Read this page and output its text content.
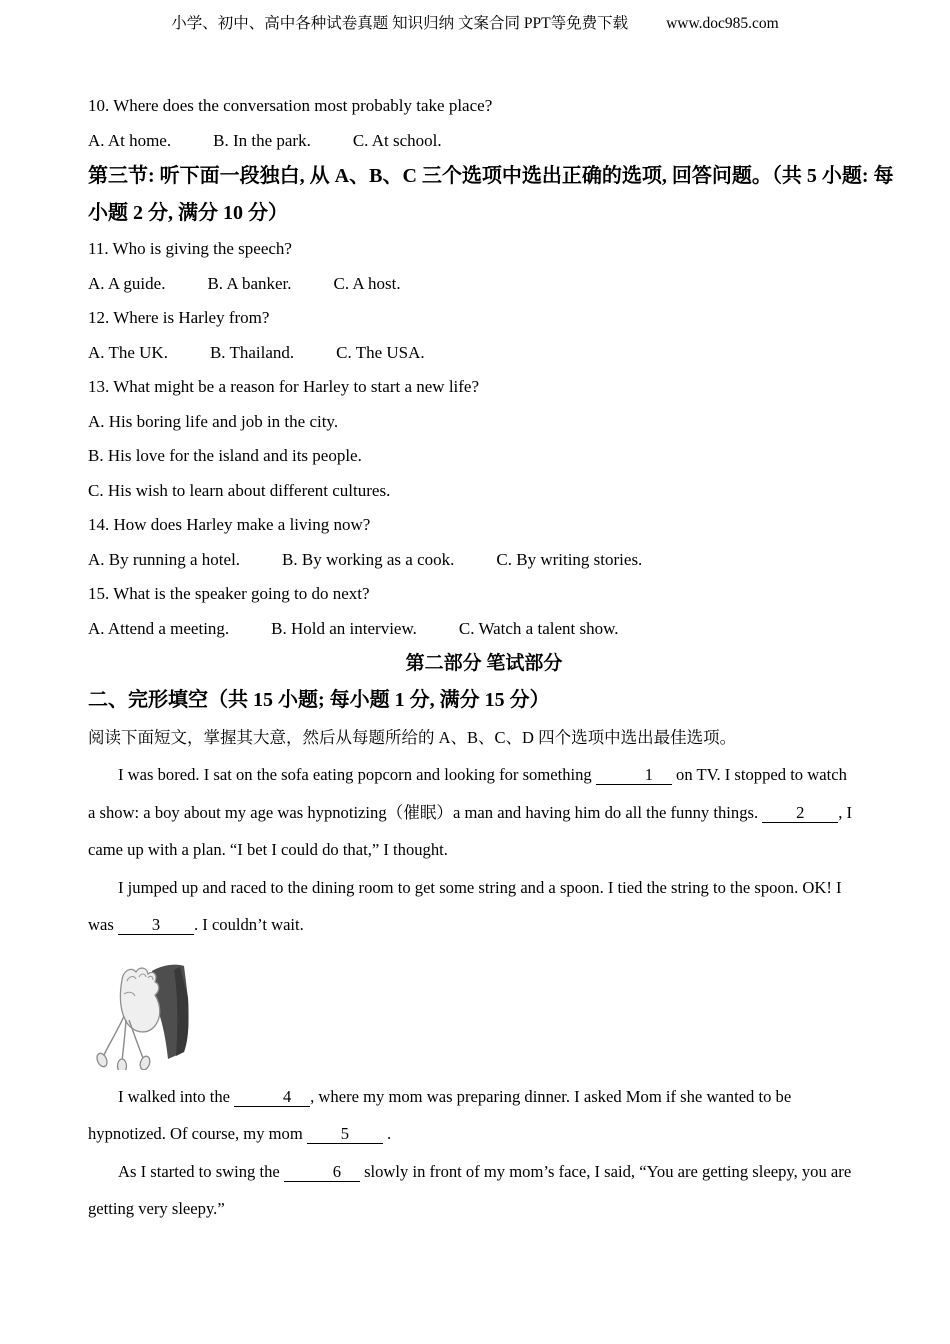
小学、初中、高中各种试卷真题 知识归纳 文案合同 PPT等免费下载 www.doc985.com
10. Where does the conversation most probably take place?
A. At home. B. In the park. C. At school.
第三节: 听下面一段独白, 从 A、B、C 三个选项中选出正确的选项, 回答问题。（共 5 小题: 每
小题 2 分, 满分 10 分）
11. Who is giving the speech?
A. A guide. B. A banker. C. A host.
12. Where is Harley from?
A. The UK. B. Thailand. C. The USA.
13. What might be a reason for Harley to start a new life?
A. His boring life and job in the city.
B. His love for the island and its people.
C. His wish to learn about different cultures.
14. How does Harley make a living now?
A. By running a hotel. B. By working as a cook. C. By writing stories.
15. What is the speaker going to do next?
A. Attend a meeting. B. Hold an interview. C. Watch a talent show.
第二部分 笔试部分
二、完形填空（共 15 小题; 每小题 1 分, 满分 15 分）
阅读下面短文，掌握其大意，然后从每题所给的 A、B、C、D 四个选项中选出最佳选项。
I was bored. I sat on the sofa eating popcorn and looking for something	1 on TV. I stopped to watch
a show: a boy about my age was hypnotizing（催眠）a man and having him do all the funny things. 2 , I
came up with a plan. “I bet I could do that,” I thought.
I jumped up and raced to the dining room to get some string and a spoon. I tied the string to the spoon. OK! I
was 3 . I couldn’t wait.
I walked into the	4 , where my mom was preparing dinner. I asked Mom if she wanted to be
hypnotized. Of course, my mom 5 .
As I started to swing the	6 slowly in front of my mom’s face, I said, “You are getting sleepy, you are
getting very sleepy.”
